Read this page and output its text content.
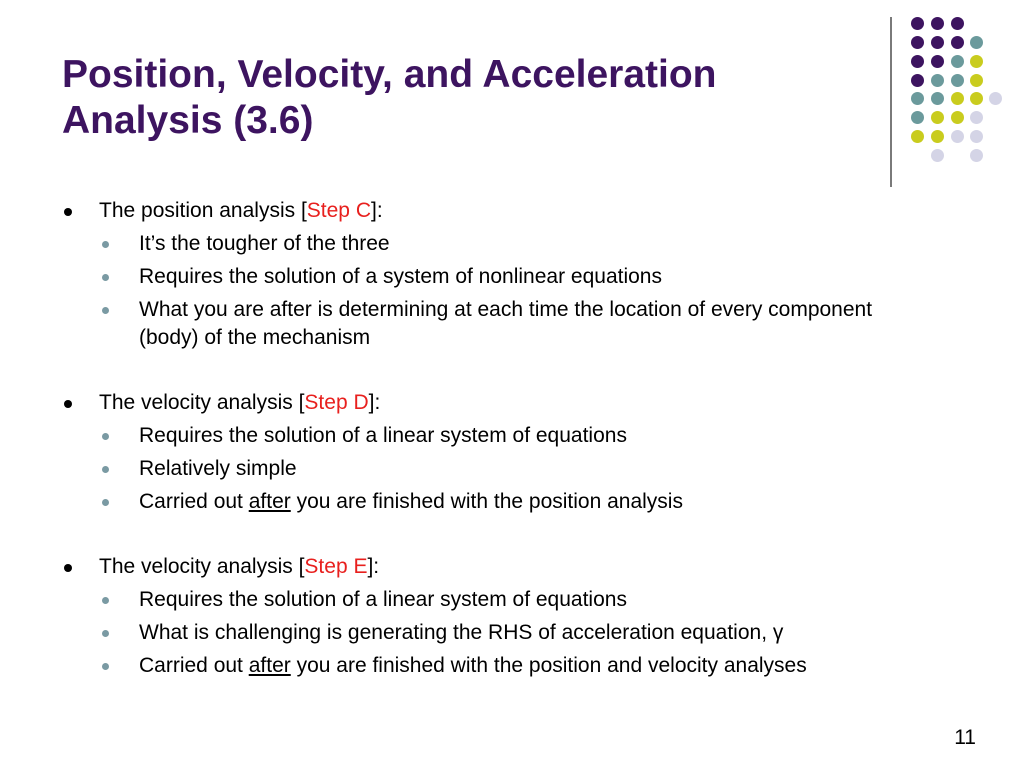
Position, Velocity, and Acceleration Analysis (3.6)
The position analysis [Step C]:
It’s the tougher of the three
Requires the solution of a system of nonlinear equations
What you are after is determining at each time the location of every component (body) of the mechanism
The velocity analysis [Step D]:
Requires the solution of a linear system of equations
Relatively simple
Carried out after you are finished with the position analysis
The velocity analysis [Step E]:
Requires the solution of a linear system of equations
What is challenging is generating the RHS of acceleration equation, γ
Carried out after you are finished with the position and velocity analyses
11
